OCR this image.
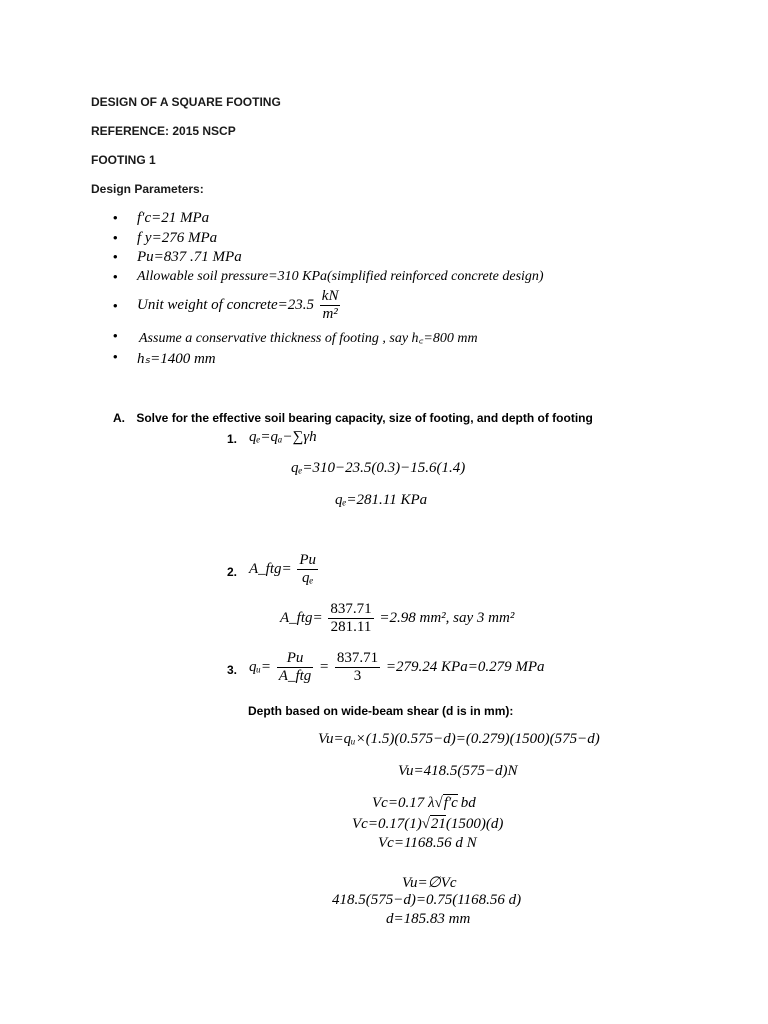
DESIGN OF A SQUARE FOOTING
REFERENCE: 2015 NSCP
FOOTING 1
Design Parameters:
• f′c=21 MPa
• f y=276 MPa
• Pu=837 .71 MPa
• Allowable soil pressure=310 KPa(simplified reinforced concrete design)
• Unit weight of concrete=23.5 $\frac{kN}{\text{m²}}$
• Assume a conservative thickness of footing , say h꜀=800 mm
• hₛ=1400 mm
A. Solve for the effective soil bearing capacity, size of footing, and depth of footing
1. qₑ=qₐ−∑γh
qₑ=310−23.5(0.3)−15.6(1.4)
qₑ=281.11 KPa
2. A_ftg= $\frac{Pu}{\text{qₑ}}$
A_ftg= $\frac{837.71}{281.11} =2.98$ mm², say 3 mm²
3. qᵤ= $\frac{Pu}{\text{A\_ftg}} = \frac{837.71}{3} =279.24$ KPa=0.279 MPa
Depth based on wide-beam shear (d is in mm):
Vu=qᵤ×(1.5)(0.575−d)=(0.279)(1500)(575−d)
Vu=418.5(575−d)N
Vc=0.17 λ√f′c bd
Vc=0.17(1)√21(1500)(d)
Vc=1168.56 d N
Vu=∅Vc
418.5(575−d)=0.75(1168.56 d)
d=185.83 mm
